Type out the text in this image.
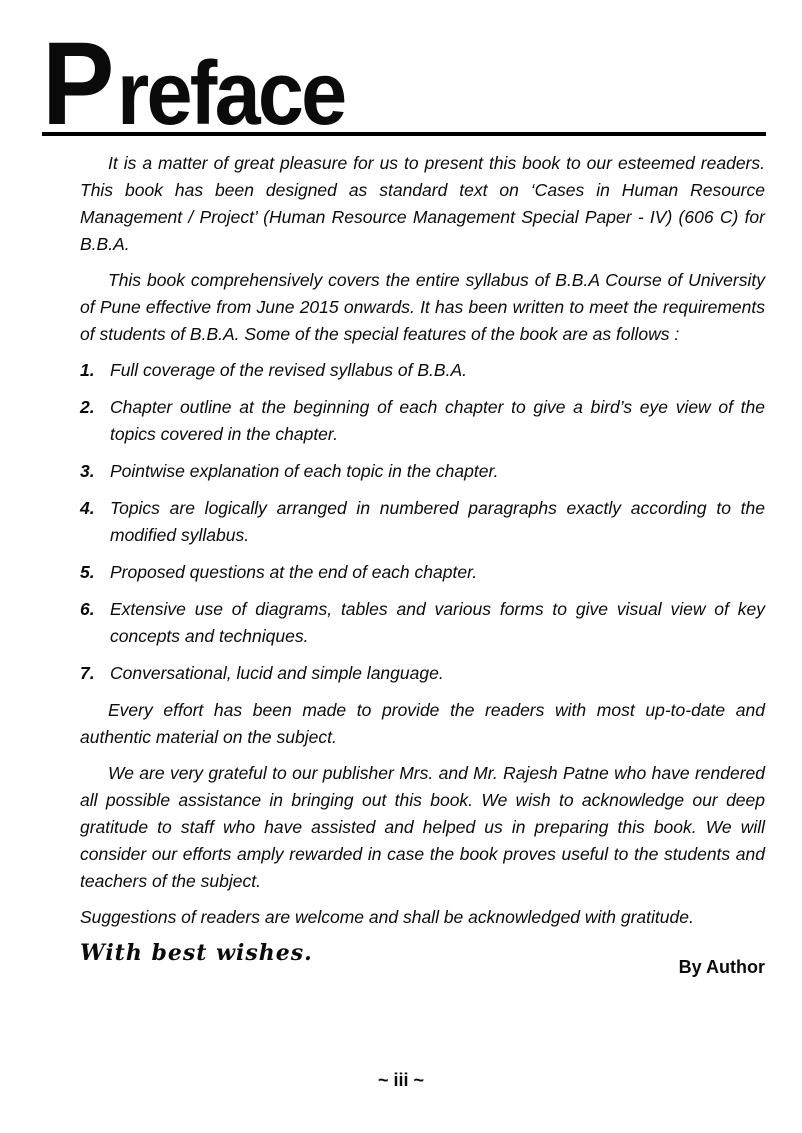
Preface

It is a matter of great pleasure for us to present this book to our esteemed readers. This book has been designed as standard text on ‘Cases in Human Resource Management / Project’ (Human Resource Management Special Paper - IV) (606 C) for B.B.A.

This book comprehensively covers the entire syllabus of B.B.A Course of University of Pune effective from June 2015 onwards. It has been written to meet the requirements of students of B.B.A. Some of the special features of the book are as follows :

1. Full coverage of the revised syllabus of B.B.A.
2. Chapter outline at the beginning of each chapter to give a bird’s eye view of the topics covered in the chapter.
3. Pointwise explanation of each topic in the chapter.
4. Topics are logically arranged in numbered paragraphs exactly according to the modified syllabus.
5. Proposed questions at the end of each chapter.
6. Extensive use of diagrams, tables and various forms to give visual view of key concepts and techniques.
7. Conversational, lucid and simple language.

Every effort has been made to provide the readers with most up-to-date and authentic material on the subject.

We are very grateful to our publisher Mrs. and Mr. Rajesh Patne who have rendered all possible assistance in bringing out this book. We wish to acknowledge our deep gratitude to staff who have assisted and helped us in preparing this book. We will consider our efforts amply rewarded in case the book proves useful to the students and teachers of the subject.

Suggestions of readers are welcome and shall be acknowledged with gratitude.

With best wishes.
By Author
~ iii ~
